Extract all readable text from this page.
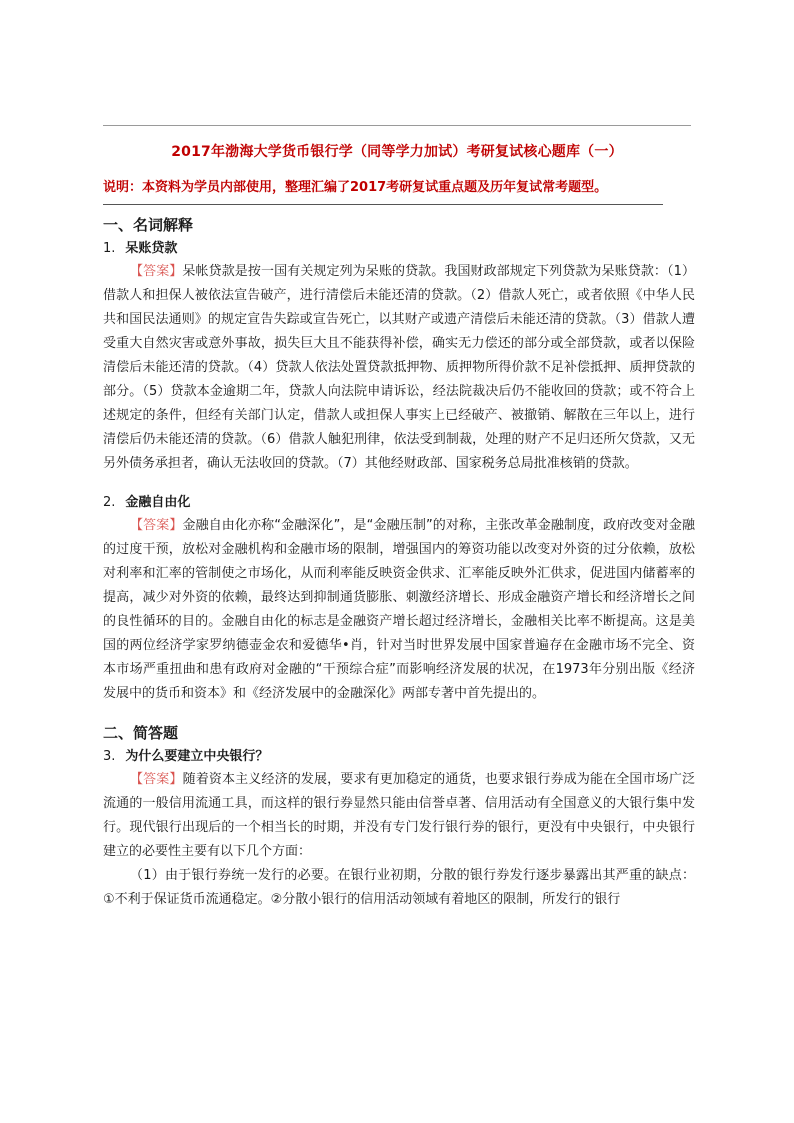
2017年渤海大学货币银行学（同等学力加试）考研复试核心题库（一）
说明：本资料为学员内部使用，整理汇编了2017考研复试重点题及历年复试常考题型。
一、名词解释
1. 呆账贷款

【答案】呆帐贷款是按一国有关规定列为呆账的贷款。我国财政部规定下列贷款为呆账贷款：（1）借款人和担保人被依法宣告破产，进行清偿后未能还清的贷款。（2）借款人死亡，或者依照《中华人民共和国民法通则》的规定宣告失踪或宣告死亡，以其财产或遗产清偿后未能还清的贷款。（3）借款人遭受重大自然灾害或意外事故，损失巨大且不能获得补偿，确实无力偿还的部分或全部贷款，或者以保险清偿后未能还清的贷款。（4）贷款人依法处置贷款抵押物、质押物所得价款不足补偿抵押、质押贷款的部分。（5）贷款本金逾期二年，贷款人向法院申请诉讼，经法院裁决后仍不能收回的贷款；或不符合上述规定的条件，但经有关部门认定，借款人或担保人事实上已经破产、被撤销、解散在三年以上，进行清偿后仍未能还清的贷款。（6）借款人触犯刑律，依法受到制裁，处理的财产不足归还所欠贷款，又无另外债务承担者，确认无法收回的贷款。（7）其他经财政部、国家税务总局批准核销的贷款。

2. 金融自由化

【答案】金融自由化亦称“金融深化”，是“金融压制”的对称，主张改革金融制度，政府改变对金融的过度干预，放松对金融机构和金融市场的限制，增强国内的筹资功能以改变对外资的过分依赖，放松对利率和汇率的管制使之市场化，从而利率能反映资金供求、汇率能反映外汇供求，促进国内储蓄率的提高，减少对外资的依赖，最终达到抑制通货膨胀、刺激经济增长、形成金融资产增长和经济增长之间的良性循环的目的。金融自由化的标志是金融资产增长超过经济增长，金融相关比率不断提高。这是美国的两位经济学家罗纳德壶金农和爱德华•肖，针对当时世界发展中国家普遍存在金融市场不完全、资本市场严重扭曲和患有政府对金融的“干预综合症”而影响经济发展的状况，在1973年分别出版《经济发展中的货币和资本》和《经济发展中的金融深化》两部专著中首先提出的。

二、简答题
3. 为什么要建立中央银行？

【答案】随着资本主义经济的发展，要求有更加稳定的通货，也要求银行券成为能在全国市场广泛流通的一般信用流通工具，而这样的银行券显然只能由信誉卓著、信用活动有全国意义的大银行集中发行。现代银行出现后的一个相当长的时期，并没有专门发行银行券的银行，更没有中央银行，中央银行建立的必要性主要有以下几个方面：

（1）由于银行券统一发行的必要。在银行业初期，分散的银行券发行逐步暴露出其严重的缺点：①不利于保证货币流通稳定。②分散小银行的信用活动领域有着地区的限制，所发行的银行
